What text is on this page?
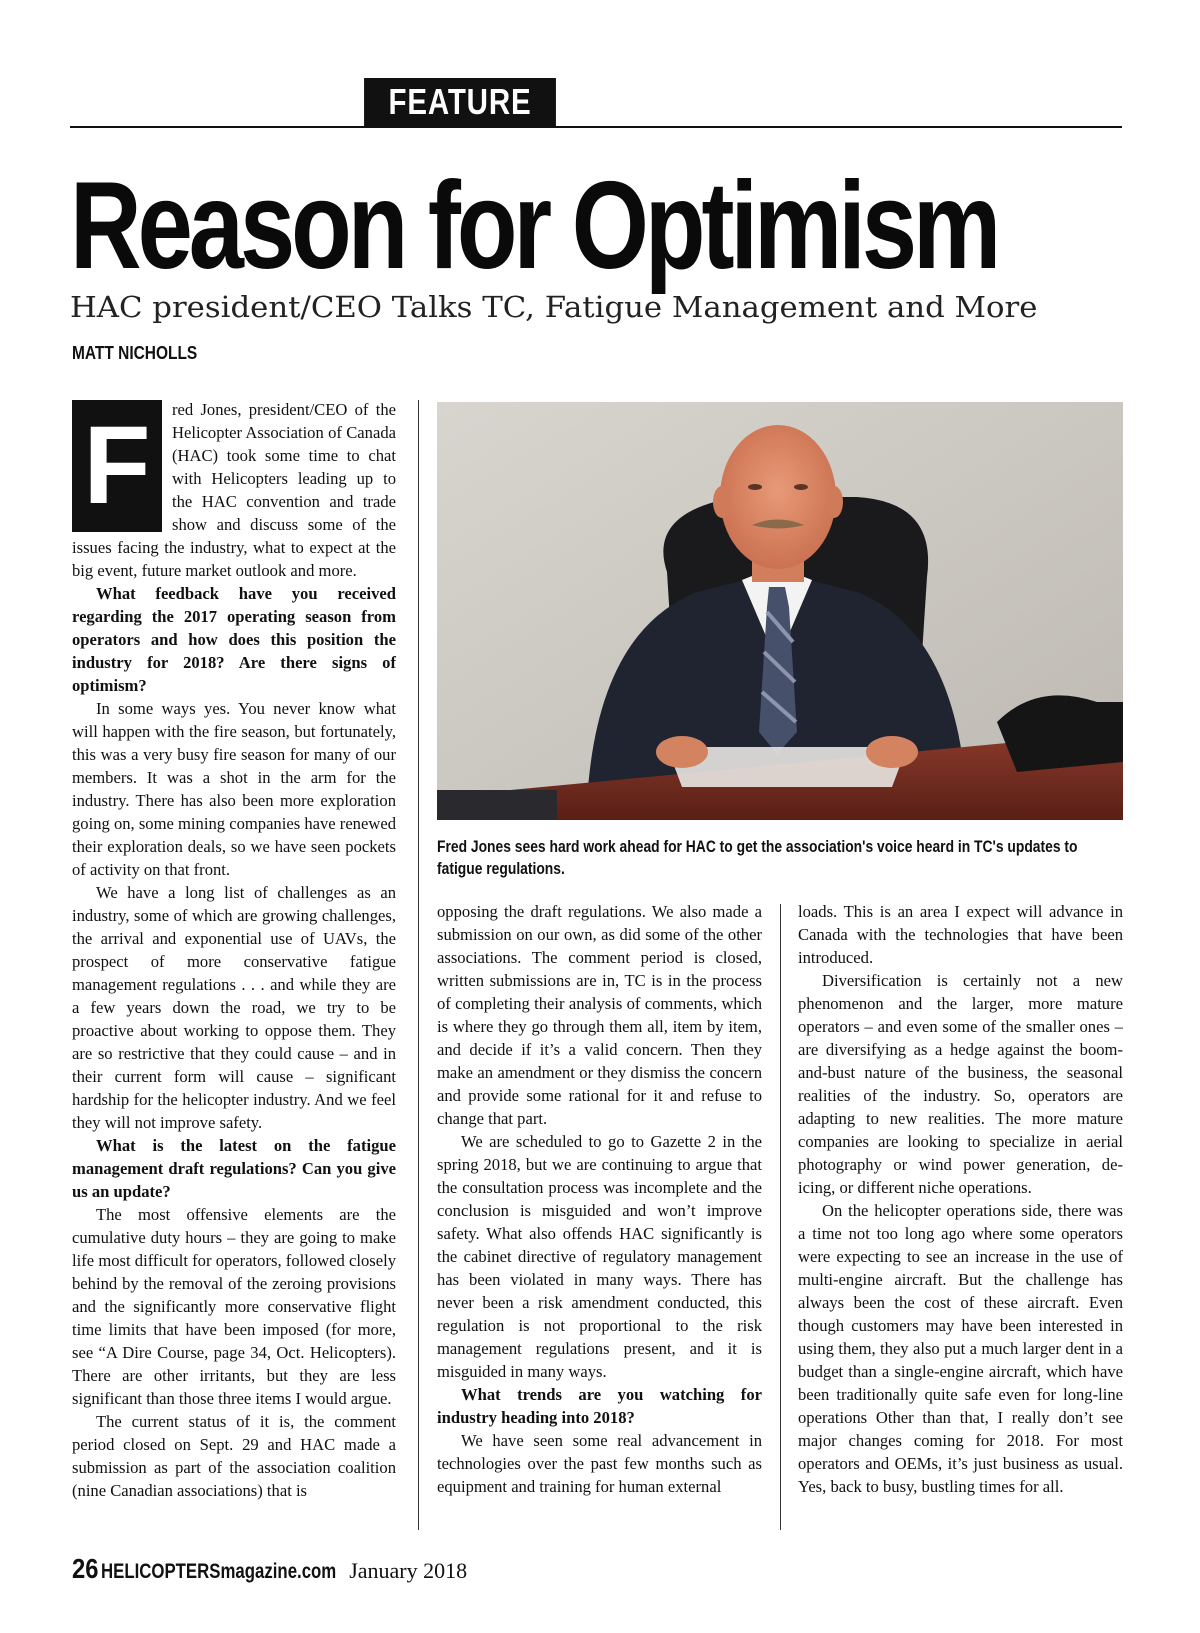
FEATURE
Reason for Optimism
HAC president/CEO Talks TC, Fatigue Management and More
MATT NICHOLLS
F	red Jones, president/CEO of the Helicopter Association of Canada (HAC) took some time to chat with Helicopters leading up to the HAC convention and trade show and discuss some of the issues facing the industry, what to expect at the big event, future market outlook and more.

What feedback have you received regarding the 2017 operating season from operators and how does this position the industry for 2018? Are there signs of optimism?

In some ways yes. You never know what will happen with the fire season, but fortunately, this was a very busy fire season for many of our members. It was a shot in the arm for the industry. There has also been more exploration going on, some mining companies have renewed their exploration deals, so we have seen pockets of activity on that front.

We have a long list of challenges as an industry, some of which are growing challenges, the arrival and exponential use of UAVs, the prospect of more conservative fatigue management regulations . . . and while they are a few years down the road, we try to be proactive about working to oppose them. They are so restrictive that they could cause – and in their current form will cause – significant hardship for the helicopter industry. And we feel they will not improve safety.

What is the latest on the fatigue management draft regulations? Can you give us an update?

The most offensive elements are the cumulative duty hours – they are going to make life most difficult for operators, followed closely behind by the removal of the zeroing provisions and the significantly more conservative flight time limits that have been imposed (for more, see “A Dire Course, page 34, Oct. Helicopters). There are other irritants, but they are less significant than those three items I would argue.

The current status of it is, the comment period closed on Sept. 29 and HAC made a submission as part of the association coalition (nine Canadian associations) that is

Fred Jones sees hard work ahead for HAC to get the association's voice heard in TC's updates to fatigue regulations.

opposing the draft regulations. We also made a submission on our own, as did some of the other associations. The comment period is closed, written submissions are in, TC is in the process of completing their analysis of comments, which is where they go through them all, item by item, and decide if it’s a valid concern. Then they make an amendment or they dismiss the concern and provide some rational for it and refuse to change that part.

We are scheduled to go to Gazette 2 in the spring 2018, but we are continuing to argue that the consultation process was incomplete and the conclusion is misguided and won’t improve safety. What also offends HAC significantly is the cabinet directive of regulatory management has been violated in many ways. There has never been a risk amendment conducted, this regulation is not proportional to the risk management regulations present, and it is misguided in many ways.

What trends are you watching for industry heading into 2018?

We have seen some real advancement in technologies over the past few months such as equipment and training for human external

loads. This is an area I expect will advance in Canada with the technologies that have been introduced.

Diversification is certainly not a new phenomenon and the larger, more mature operators – and even some of the smaller ones – are diversifying as a hedge against the boom-and-bust nature of the business, the seasonal realities of the industry. So, operators are adapting to new realities. The more mature companies are looking to specialize in aerial photography or wind power generation, de-icing, or different niche operations.

On the helicopter operations side, there was a time not too long ago where some operators were expecting to see an increase in the use of multi-engine aircraft. But the challenge has always been the cost of these aircraft. Even though customers may have been interested in using them, they also put a much larger dent in a budget than a single-engine aircraft, which have been traditionally quite safe even for long-line operations Other than that, I really don’t see major changes coming for 2018. For most operators and OEMs, it’s just business as usual. Yes, back to busy, bustling times for all.

26 HELICOPTERSmagazine.com January 2018
